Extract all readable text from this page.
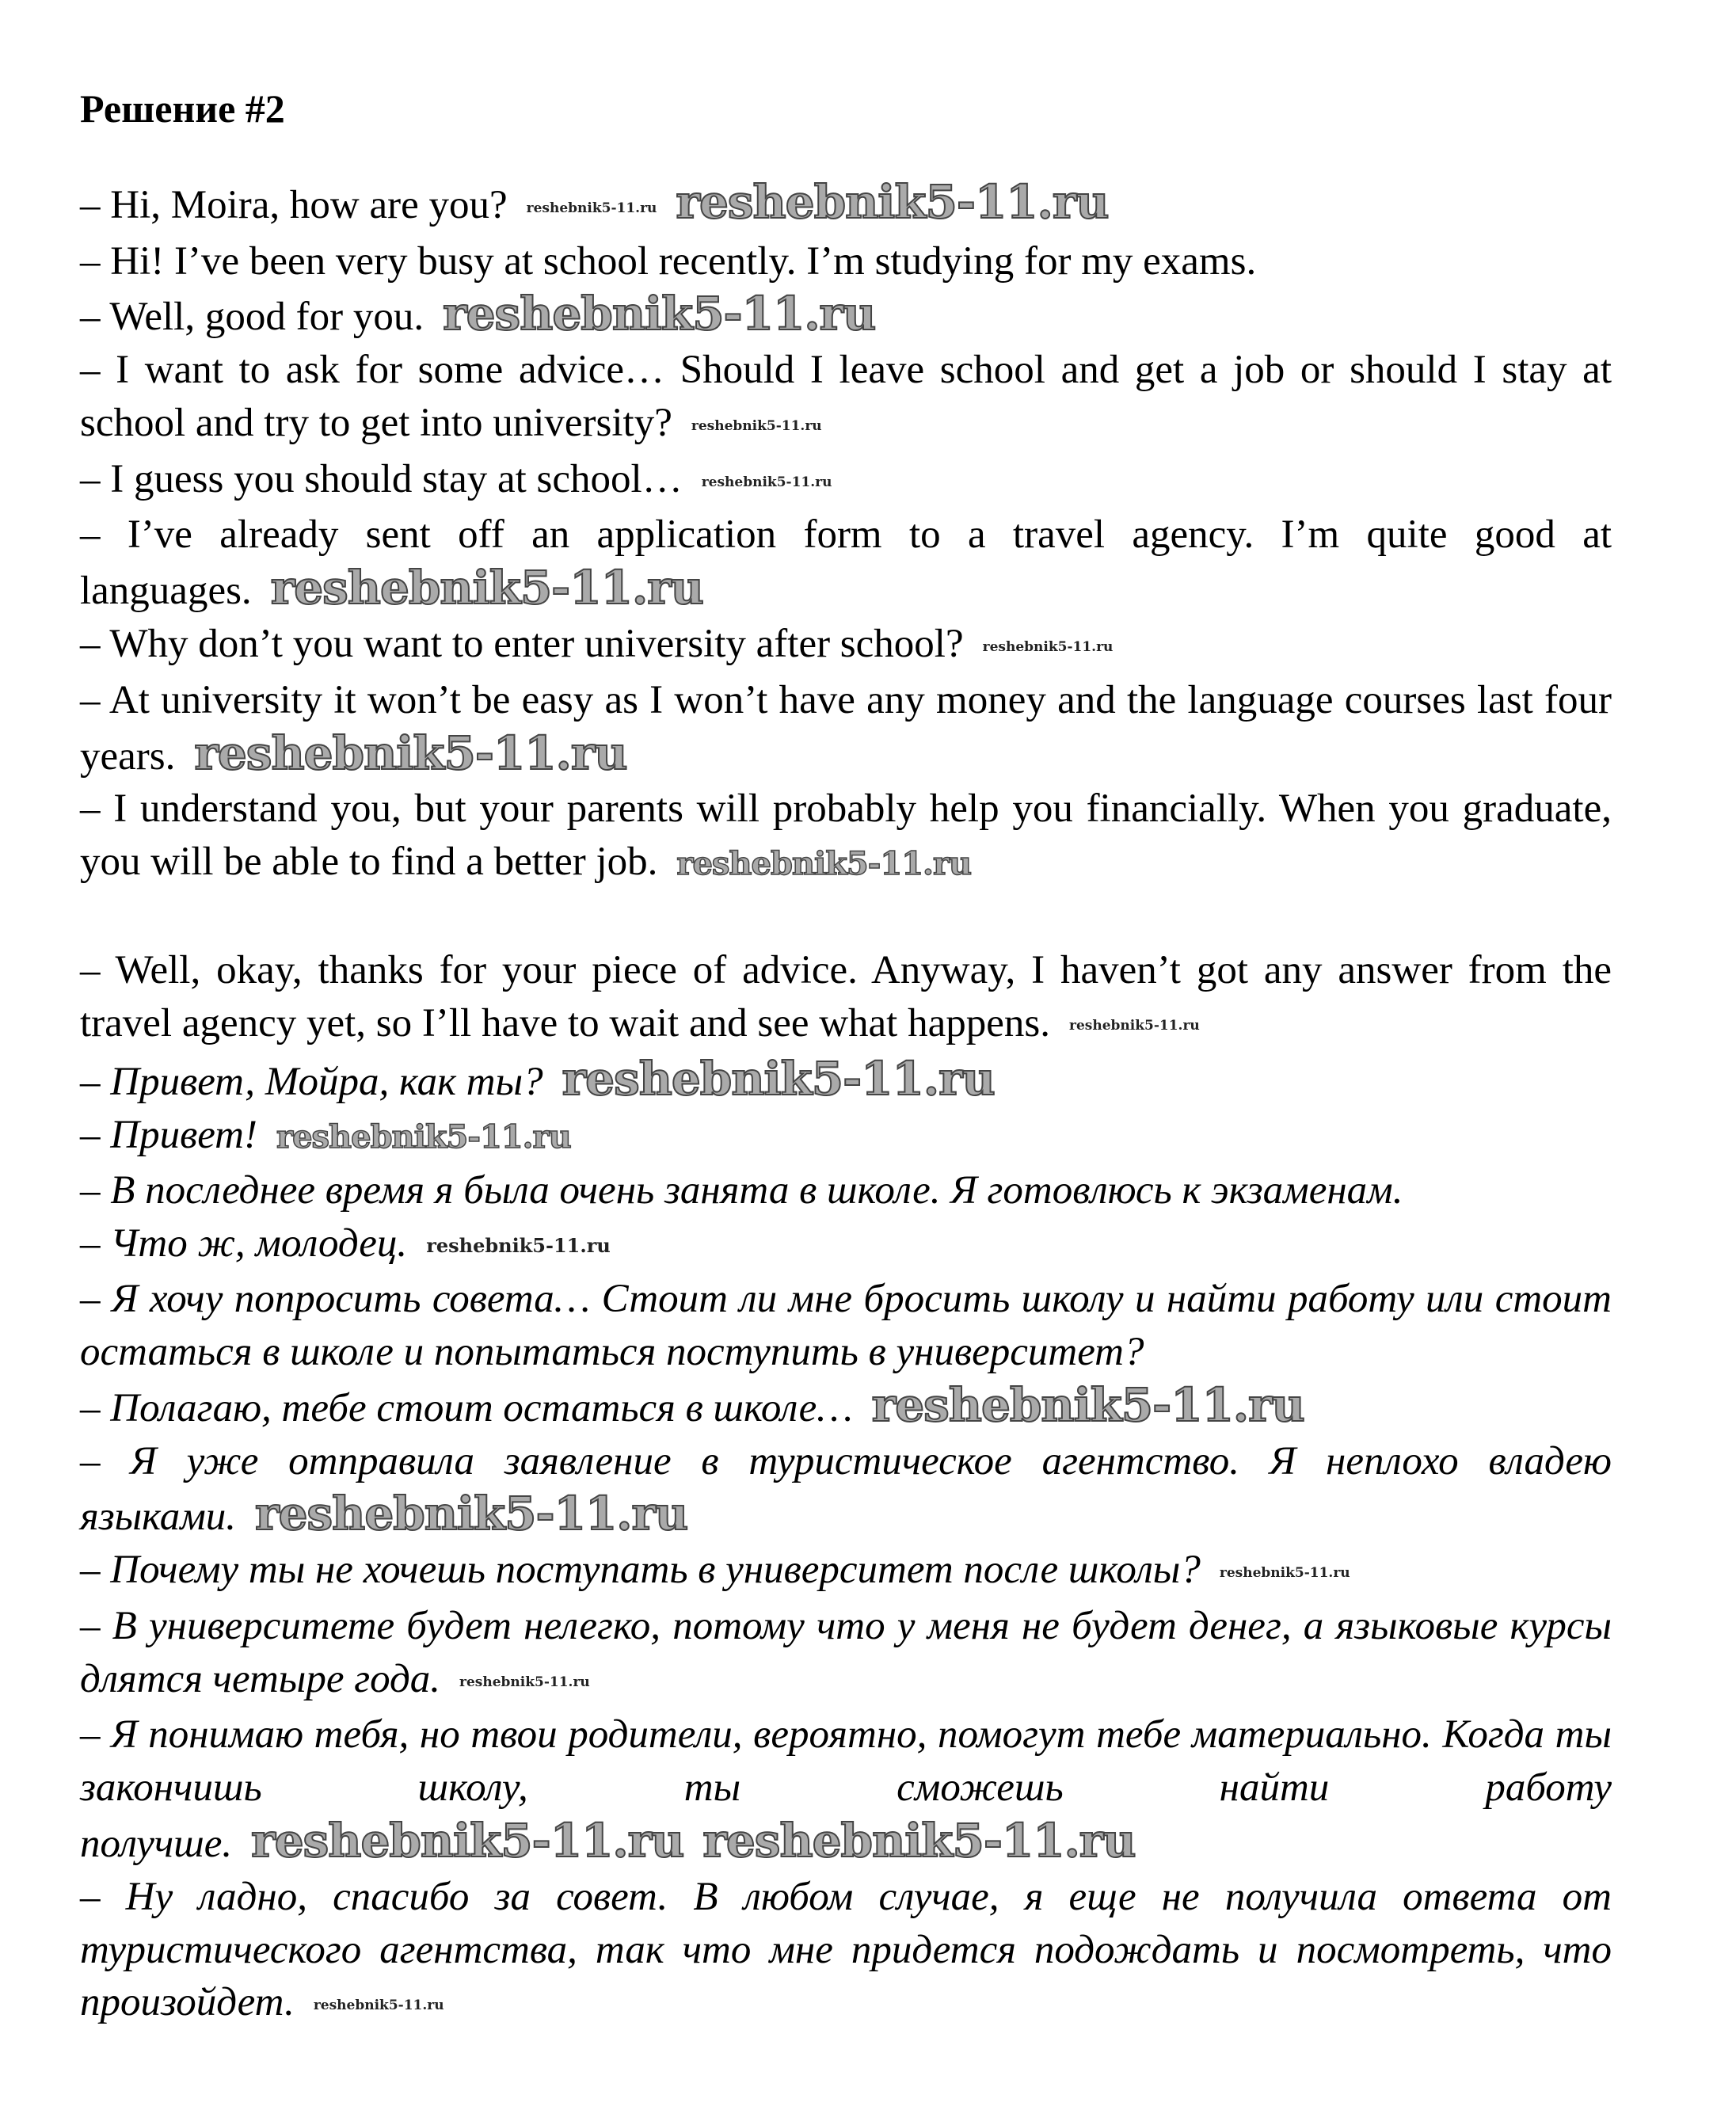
Решение #2

– Hi, Moira, how are you? reshebnik5-11.ru reshebnik5-11.ru

– Hi! I’ve been very busy at school recently. I’m studying for my exams.

– Well, good for you. reshebnik5-11.ru

– I want to ask for some advice… Should I leave school and get a job or should I stay at school and try to get into university? reshebnik5-11.ru

– I guess you should stay at school… reshebnik5-11.ru

– I’ve already sent off an application form to a travel agency. I’m quite good at languages. reshebnik5-11.ru

– Why don’t you want to enter university after school? reshebnik5-11.ru

– At university it won’t be easy as I won’t have any money and the language courses last four years. reshebnik5-11.ru

– I understand you, but your parents will probably help you financially. When you graduate, you will be able to find a better job. reshebnik5-11.ru

– Well, okay, thanks for your piece of advice. Anyway, I haven’t got any answer from the travel agency yet, so I’ll have to wait and see what happens. reshebnik5-11.ru

– Привет, Мойра, как ты? reshebnik5-11.ru

– Привет! reshebnik5-11.ru

– В последнее время я была очень занята в школе. Я готовлюсь к экзаменам.

– Что ж, молодец. reshebnik5-11.ru

– Я хочу попросить совета… Стоит ли мне бросить школу и найти работу или стоит остаться в школе и попытаться поступить в университет?

– Полагаю, тебе стоит остаться в школе… reshebnik5-11.ru

– Я уже отправила заявление в туристическое агентство. Я неплохо владею языками. reshebnik5-11.ru

– Почему ты не хочешь поступать в университет после школы? reshebnik5-11.ru

– В университете будет нелегко, потому что у меня не будет денег, а языковые курсы длятся четыре года. reshebnik5-11.ru

– Я понимаю тебя, но твои родители, вероятно, помогут тебе материально. Когда ты закончишь школу, ты сможешь найти работу получше. reshebnik5-11.ru reshebnik5-11.ru

– Ну ладно, спасибо за совет. В любом случае, я еще не получила ответа от туристического агентства, так что мне придется подождать и посмотреть, что произойдет. reshebnik5-11.ru
